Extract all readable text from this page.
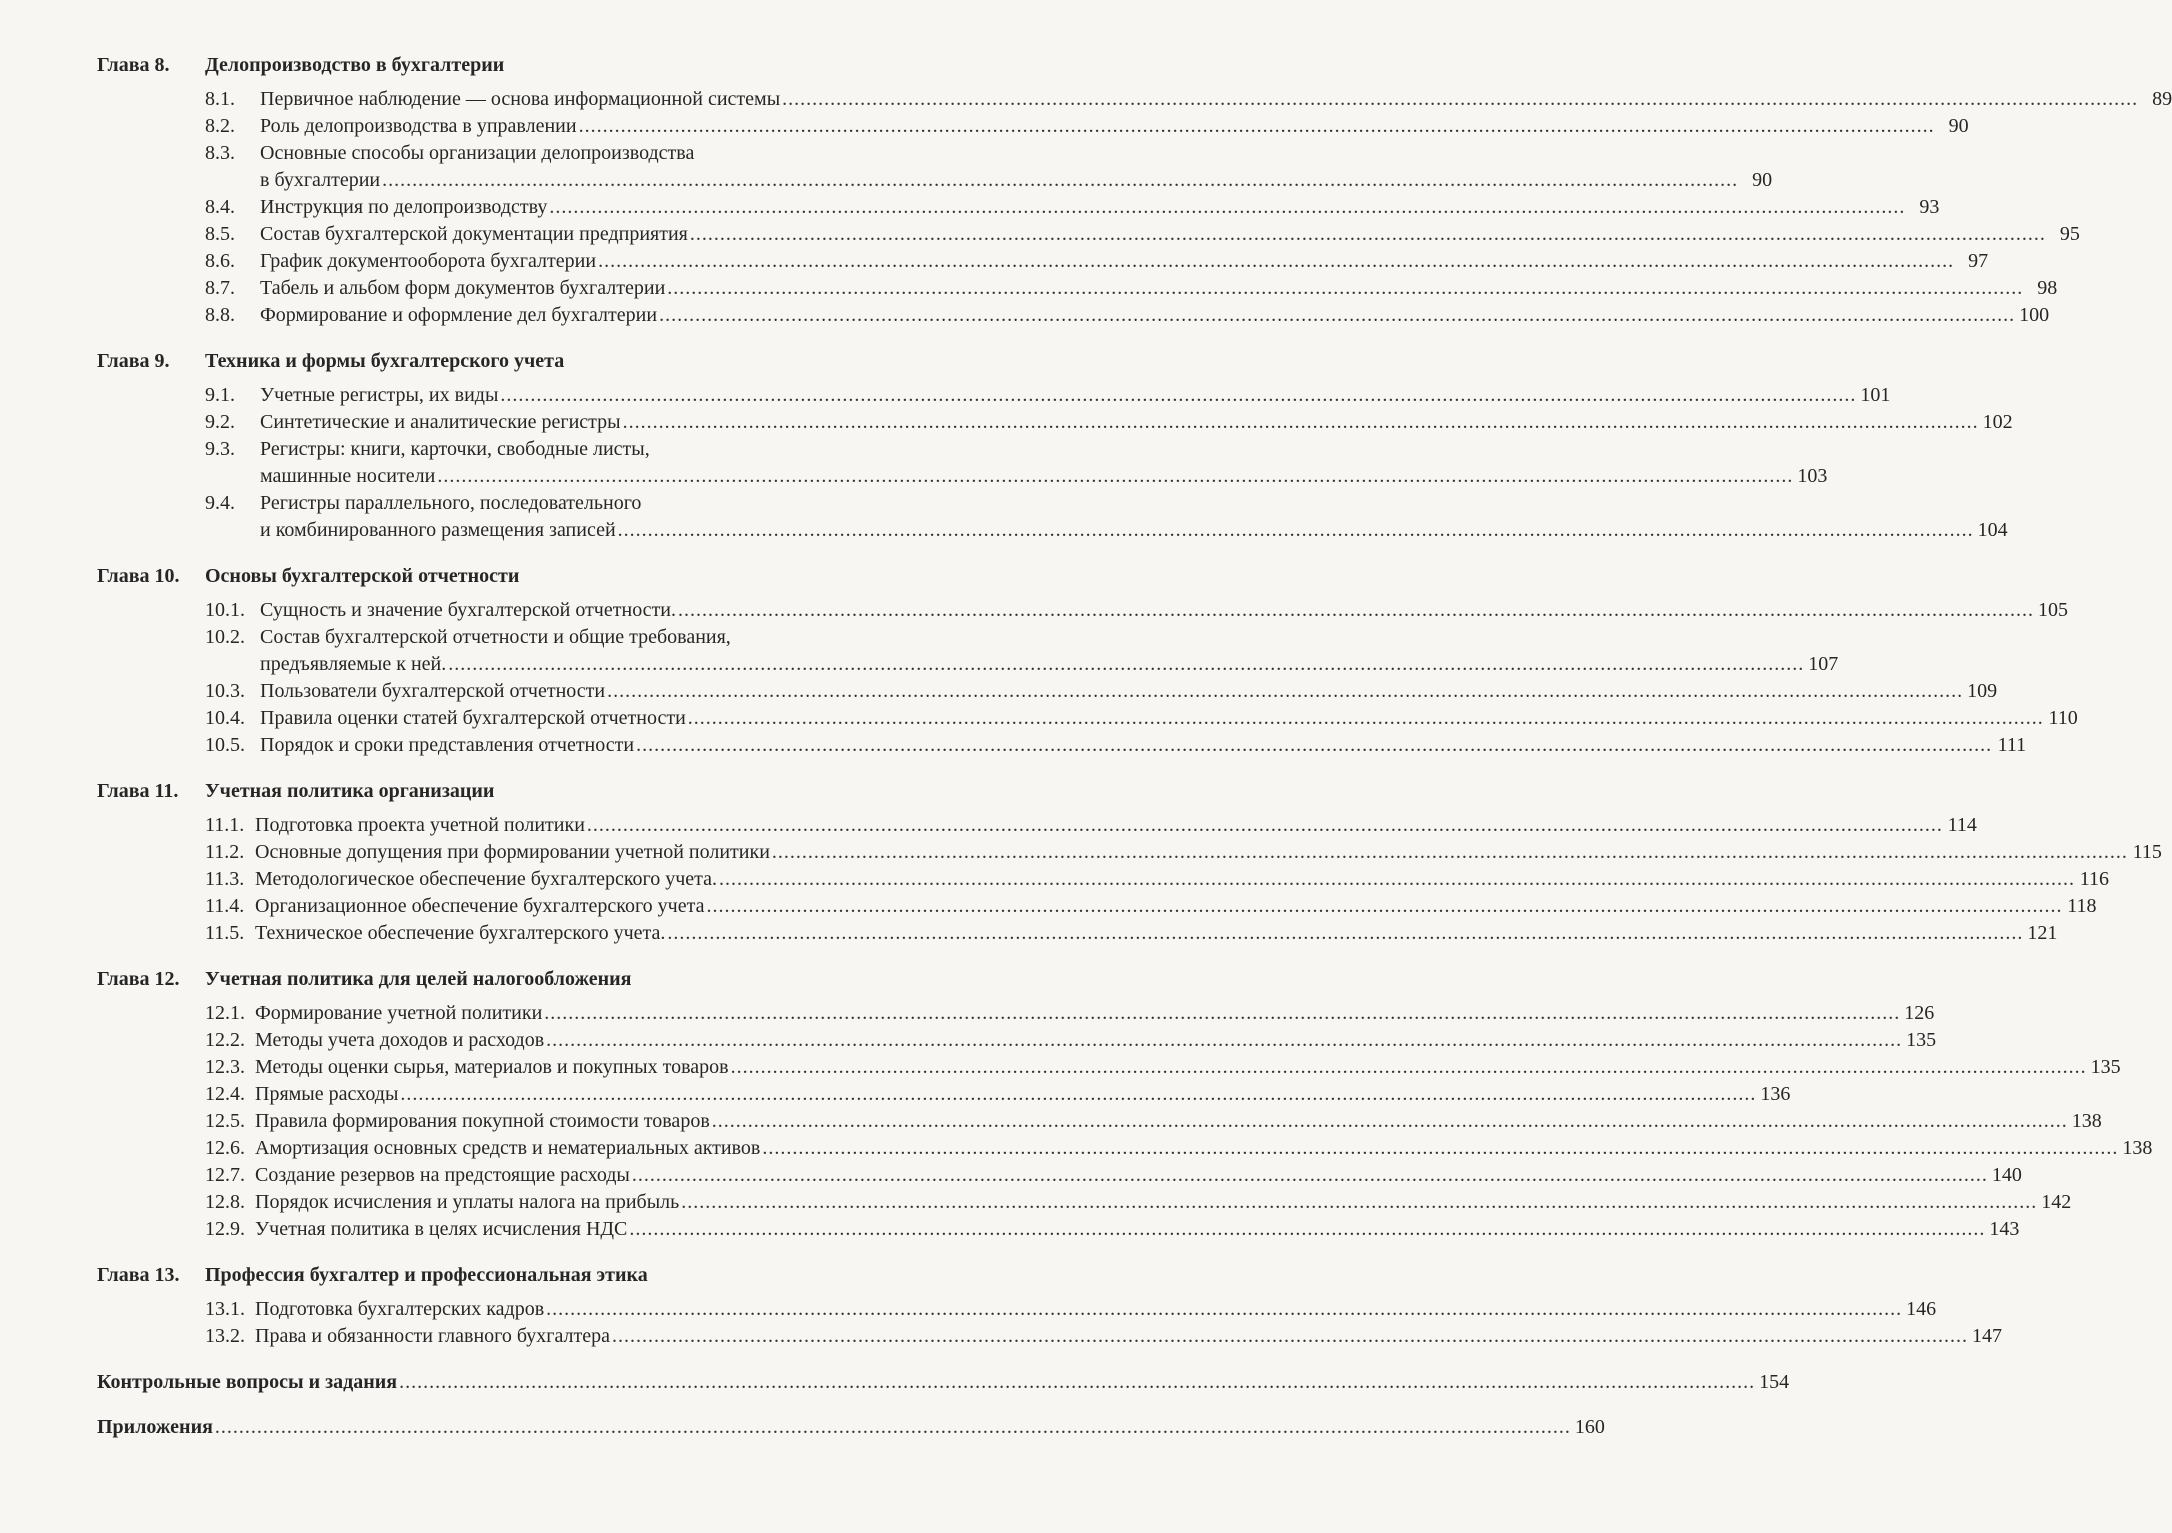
Глава 8.	Делопроизводство в бухгалтерии
8.1.	Первичное наблюдение — основа информационной системы .....	89
8.2.	Роль делопроизводства в управлении .....	90
8.3.	Основные способы организации делопроизводства
в бухгалтерии .....	90
8.4.	Инструкция по делопроизводству .....	93
8.5.	Состав бухгалтерской документации предприятия .....	95
8.6.	График документооборота бухгалтерии .....	97
8.7.	Табель и альбом форм документов бухгалтерии .....	98
8.8.	Формирование и оформление дел бухгалтерии .....	100
Глава 9.	Техника и формы бухгалтерского учета
9.1.	Учетные регистры, их виды .....	101
9.2.	Синтетические и аналитические регистры .....	102
9.3.	Регистры: книги, карточки, свободные листы,
машинные носители .....	103
9.4.	Регистры параллельного, последовательного
и комбинированного размещения записей .....	104
Глава 10.	Основы бухгалтерской отчетности
10.1. Сущность и значение бухгалтерской отчетности. .....	105
10.2. Состав бухгалтерской отчетности и общие требования,
предъявляемые к ней. .....	107
10.3. Пользователи бухгалтерской отчетности .....	109
10.4. Правила оценки статей бухгалтерской отчетности .....	110
10.5. Порядок и сроки представления отчетности .....	111
Глава 11.	Учетная политика организации
11.1. Подготовка проекта учетной политики .....	114
11.2. Основные допущения при формировании учетной политики .....	115
11.3. Методологическое обеспечение бухгалтерского учета. .....	116
11.4. Организационное обеспечение бухгалтерского учета .....	118
11.5. Техническое обеспечение бухгалтерского учета. .....	121
Глава 12.	Учетная политика для целей налогообложения
12.1. Формирование учетной политики .....	126
12.2. Методы учета доходов и расходов .....	135
12.3. Методы оценки сырья, материалов и покупных товаров .....	135
12.4. Прямые расходы .....	136
12.5. Правила формирования покупной стоимости товаров .....	138
12.6. Амортизация основных средств и нематериальных активов .....	138
12.7. Создание резервов на предстоящие расходы .....	140
12.8. Порядок исчисления и уплаты налога на прибыль .....	142
12.9. Учетная политика в целях исчисления НДС .....	143
Глава 13.	Профессия бухгалтер и профессиональная этика
13.1. Подготовка бухгалтерских кадров .....	146
13.2. Права и обязанности главного бухгалтера .....	147
Контрольные вопросы и задания .....	154
Приложения .....	160
